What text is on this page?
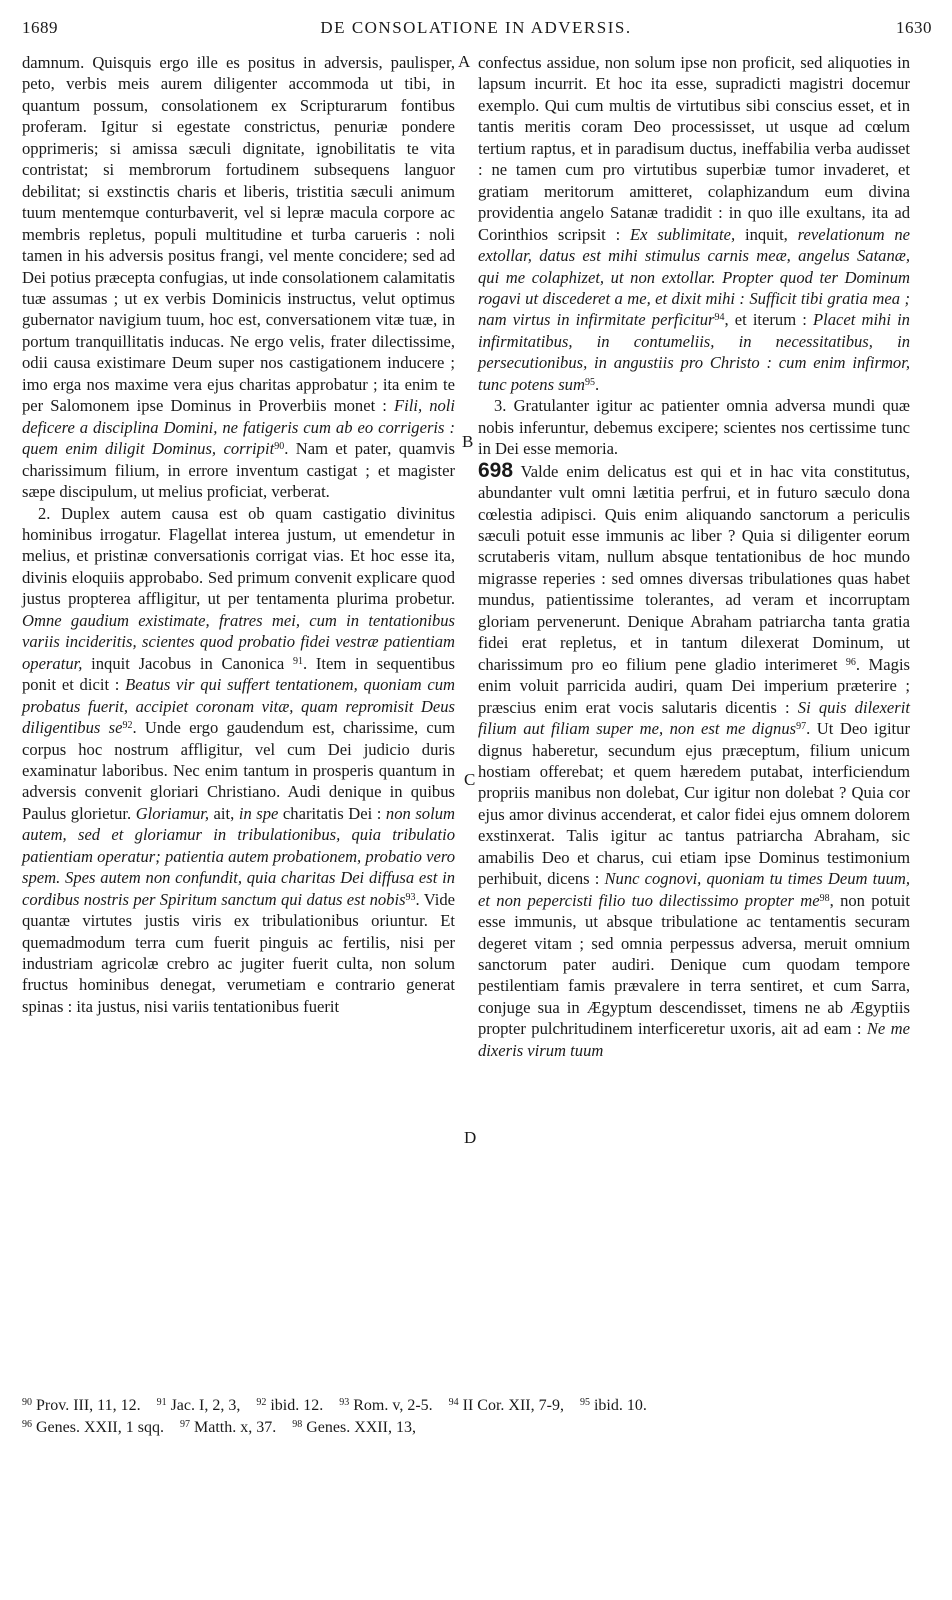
1689	DE CONSOLATIONE IN ADVERSIS.	1630
A
B
C
D

damnum. Quisquis ergo ille es positus in adversis, paulisper, peto, verbis meis aurem diligenter accommoda ut tibi, in quantum possum, consolationem ex Scripturarum fontibus proferam. Igitur si egestate constrictus, penuriæ pondere opprimeris; si amissa sæculi dignitate, ignobilitatis te vita contristat; si membrorum fortudinem subsequens languor debilitat; si exstinctis charis et liberis, tristitia sæculi animum tuum mentemque conturbaverit, vel si lepræ macula corpore ac membris repletus, populi multitudine et turba carueris : noli tamen in his adversis positus frangi, vel mente concidere; sed ad Dei potius præcepta confugias, ut inde consolationem calamitatis tuæ assumas ; ut ex verbis Dominicis instructus, velut optimus gubernator navigium tuum, hoc est, conversationem vitæ tuæ, in portum tranquillitatis inducas. Ne ergo velis, frater dilectissime, odii causa existimare Deum super nos castigationem inducere ; imo erga nos maxime vera ejus charitas approbatur ; ita enim te per Salomonem ipse Dominus in Proverbiis monet : Fili, noli deficere a disciplina Domini, ne fatigeris cum ab eo corrigeris : quem enim diligit Dominus, corripit$^{90}$. Nam et pater, quamvis charissimum filium, in errore inventum castigat ; et magister sæpe discipulum, ut melius proficiat, verberat.

2. Duplex autem causa est ob quam castigatio divinitus hominibus irrogatur. Flagellat interea justum, ut emendetur in melius, et pristinæ conversationis corrigat vias. Et hoc esse ita, divinis eloquiis approbabo. Sed primum convenit explicare quod justus propterea affligitur, ut per tentamenta plurima probetur. Omne gaudium existimate, fratres mei, cum in tentationibus variis incideritis, scientes quod probatio fidei vestræ patientiam operatur, inquit Jacobus in Canonica $^{91}$. Item in sequentibus ponit et dicit : Beatus vir qui suffert tentationem, quoniam cum probatus fuerit, accipiet coronam vitæ, quam repromisit Deus diligentibus $se^{92}$. Unde ergo gaudendum est, charissime, cum corpus hoc nostrum affligitur, vel cum Dei judicio duris examinatur laboribus. Nec enim tantum in prosperis quantum in adversis convenit gloriari Christiano. Audi denique in quibus Paulus glorietur. Gloriamur, ait, in spe charitatis Dei : non solum autem, sed et gloriamur in tribulationibus, quia tribulatio patientiam operatur; patientia autem probationem, probatio vero spem. Spes autem non confundit, quia charitas Dei diffusa est in cordibus nostris per Spiritum sanctum qui datus est nobis$^{93}$. Vide quantæ virtutes justis viris ex tribulationibus oriuntur. Et quemadmodum terra cum fuerit pinguis ac fertilis, nisi per industriam agricolæ crebro ac jugiter fuerit culta, non solum fructus hominibus denegat, verumetiam e contrario generat spinas : ita justus, nisi variis tentationibus fuerit

confectus assidue, non solum ipse non proficit, sed aliquoties in lapsum incurrit. Et hoc ita esse, supradicti magistri docemur exemplo. Qui cum multis de virtutibus sibi conscius esset, et in tantis meritis coram Deo processisset, ut usque ad cœlum tertium raptus, et in paradisum ductus, ineffabilia verba audisset : ne tamen cum pro virtutibus superbiæ tumor invaderet, et gratiam meritorum amitteret, colaphizandum eum divina providentia angelo Satanæ tradidit : in quo ille exultans, ita ad Corinthios scripsit : Ex sublimitate, inquit, revelationum ne extollar, datus est mihi stimulus carnis meæ, angelus Satanæ, qui me colaphizet, ut non extollar. Propter quod ter Dominum rogavi ut discederet a me, et dixit mihi : Sufficit tibi gratia mea ; nam virtus in infirmitate perficitur$^{94}$, et iterum : Placet mihi in infirmitatibus, in contumeliis, in necessitatibus, in persecutionibus, in angustiis pro Christo : cum enim infirmor, tunc potens sum$^{95}$.

3. Gratulanter igitur ac patienter omnia adversa mundi quæ nobis inferuntur, debemus excipere; scientes nos certissime tunc in Dei esse memoria.
698 Valde enim delicatus est qui et in hac vita constitutus, abundanter vult omni lætitia perfrui, et in futuro sæculo dona cœlestia adipisci. Quis enim aliquando sanctorum a periculis sæculi potuit esse immunis ac liber ? Quia si diligenter eorum scrutaberis vitam, nullum absque tentationibus de hoc mundo migrasse reperies : sed omnes diversas tribulationes quas habet mundus, patientissime tolerantes, ad veram et incorruptam gloriam pervenerunt. Denique Abraham patriarcha tanta gratia fidei erat repletus, et in tantum dilexerat Dominum, ut charissimum pro eo filium pene gladio interimeret $^{96}$. Magis enim voluit parricida audiri, quam Dei imperium præterire ; præscius enim erat vocis salutaris dicentis : Si quis dilexerit filium aut filiam super me, non est me dignus$^{97}$. Ut Deo igitur dignus haberetur, secundum ejus præceptum, filium unicum hostiam offerebat; et quem hæredem putabat, interficiendum propriis manibus non dolebat, Cur igitur non dolebat ? Quia cor ejus amor divinus accenderat, et calor fidei ejus omnem dolorem exstinxerat. Talis igitur ac tantus patriarcha Abraham, sic amabilis Deo et charus, cui etiam ipse Dominus testimonium perhibuit, dicens : Nunc cognovi, quoniam tu times Deum tuum, et non pepercisti filio tuo dilectissimo propter $me^{98}$, non potuit esse immunis, ut absque tribulatione ac tentamentis securam degeret vitam ; sed omnia perpessus adversa, meruit omnium sanctorum pater audiri. Denique cum quodam tempore pestilentiam famis prævalere in terra sentiret, et cum Sarra, conjuge sua in Ægyptum descendisset, timens ne ab Ægyptiis propter pulchritudinem interficeretur uxoris, ait ad eam : Ne me dixeris virum tuum

$^{90}$ Prov. III, 11, 12. $^{91}$ Jac. I, 2, 3, $^{92}$ ibid. 12. $^{93}$ Rom. v, 2-5. $^{94}$ II Cor. XII, 7-9, $^{95}$ ibid. 10.
$^{96}$ Genes. XXII, 1 sqq. $^{97}$ Matth. x, 37. $^{98}$ Genes. XXII, 13,
